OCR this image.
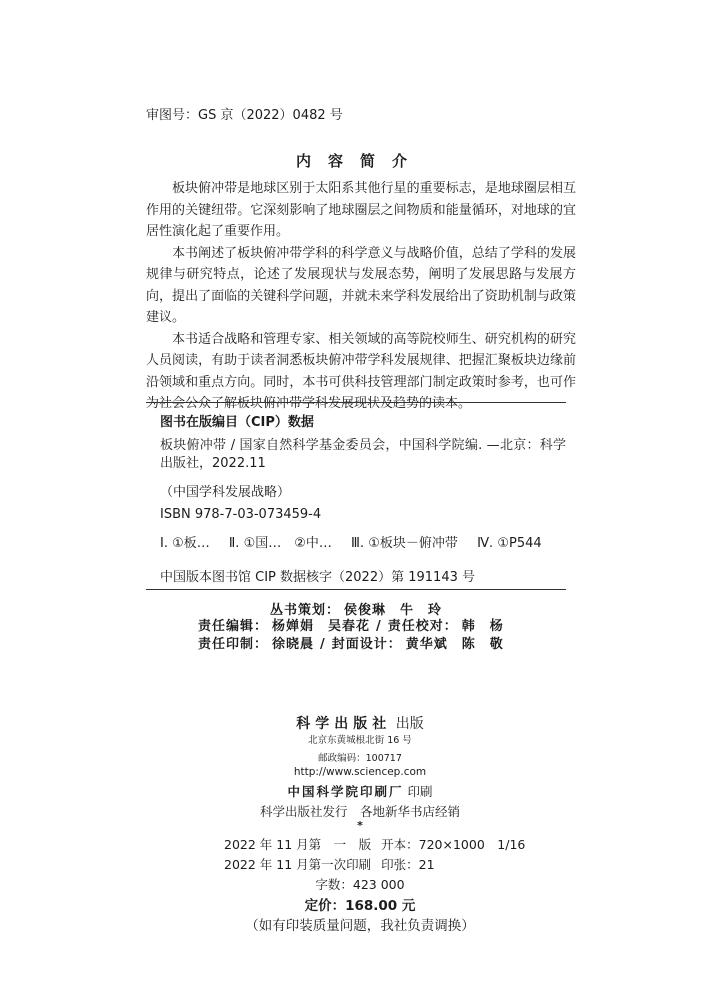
审图号：GS 京（2022）0482 号
内容简介

板块俯冲带是地球区别于太阳系其他行星的重要标志，是地球圈层相互作用的关键纽带。它深刻影响了地球圈层之间物质和能量循环，对地球的宜居性演化起了重要作用。

本书阐述了板块俯冲带学科的科学意义与战略价值，总结了学科的发展规律与研究特点，论述了发展现状与发展态势，阐明了发展思路与发展方向，提出了面临的关键科学问题，并就未来学科发展给出了资助机制与政策建议。

本书适合战略和管理专家、相关领域的高等院校师生、研究机构的研究人员阅读，有助于读者洞悉板块俯冲带学科发展规律、把握汇聚板块边缘前沿领域和重点方向。同时，本书可供科技管理部门制定政策时参考，也可作为社会公众了解板块俯冲带学科发展现状及趋势的读本。

图书在版编目（CIP）数据
板块俯冲带 / 国家自然科学基金委员会，中国科学院编. —北京：科学出版社，2022.11
（中国学科发展战略）
ISBN 978-7-03-073459-4
Ⅰ. ①板… Ⅱ. ①国…　②中… Ⅲ. ①板块－俯冲带 Ⅳ. ①P544
中国版本图书馆 CIP 数据核字（2022）第 191143 号
丛书策划： 侯俊琳　牛　玲
责任编辑： 杨婵娟　吴春花 / 责任校对： 韩　杨
责任印制： 徐晓晨 / 封面设计： 黄华斌　陈　敬
科学出版社 出版
北京东黄城根北街 16 号
邮政编码：100717
http://www.sciencep.com
中国科学院印刷厂 印刷
科学出版社发行　各地新华书店经销
*
2022 年 11 月第　一　版 开本：720×1000　1/16
2022 年 11 月第一次印刷 印张：21
字数：423 000
定价：168.00 元
（如有印装质量问题，我社负责调换）
